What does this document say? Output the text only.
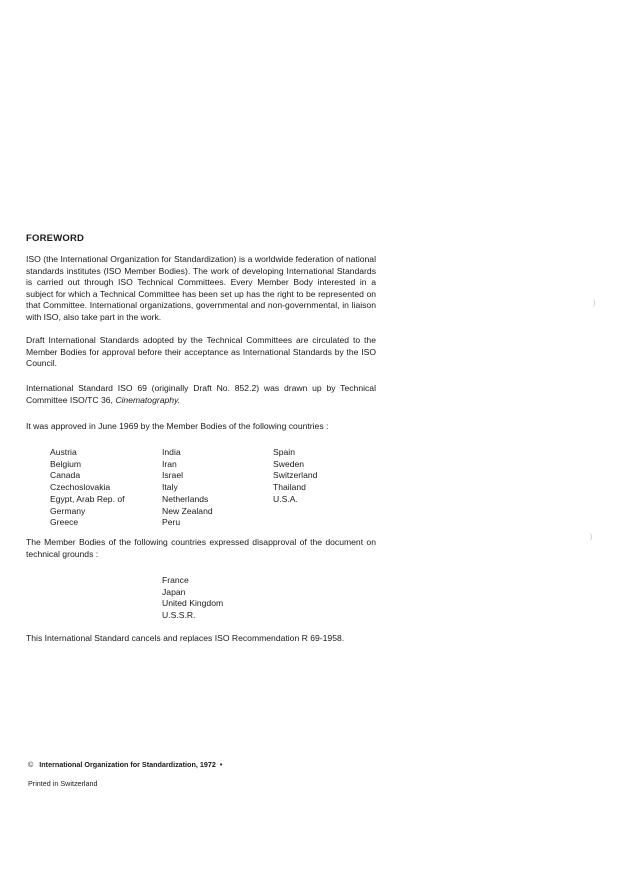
FOREWORD

ISO (the International Organization for Standardization) is a worldwide federation of national standards institutes (ISO Member Bodies). The work of developing International Standards is carried out through ISO Technical Committees. Every Member Body interested in a subject for which a Technical Committee has been set up has the right to be represented on that Committee. International organizations, governmental and non-governmental, in liaison with ISO, also take part in the work.

Draft International Standards adopted by the Technical Committees are circulated to the Member Bodies for approval before their acceptance as International Standards by the ISO Council.

International Standard ISO 69 (originally Draft No. 852.2) was drawn up by Technical Committee ISO/TC 36, Cinematography.

It was approved in June 1969 by the Member Bodies of the following countries :

Austria
Belgium
Canada
Czechoslovakia
Egypt, Arab Rep. of
Germany
Greece
India
Iran
Israel
Italy
Netherlands
New Zealand
Peru
Spain
Sweden
Switzerland
Thailand
U.S.A.

The Member Bodies of the following countries expressed disapproval of the document on technical grounds :

France
Japan
United Kingdom
U.S.S.R.

This International Standard cancels and replaces ISO Recommendation R 69-1958.

© International Organization for Standardization, 1972 •
Printed in Switzerland
)
)
